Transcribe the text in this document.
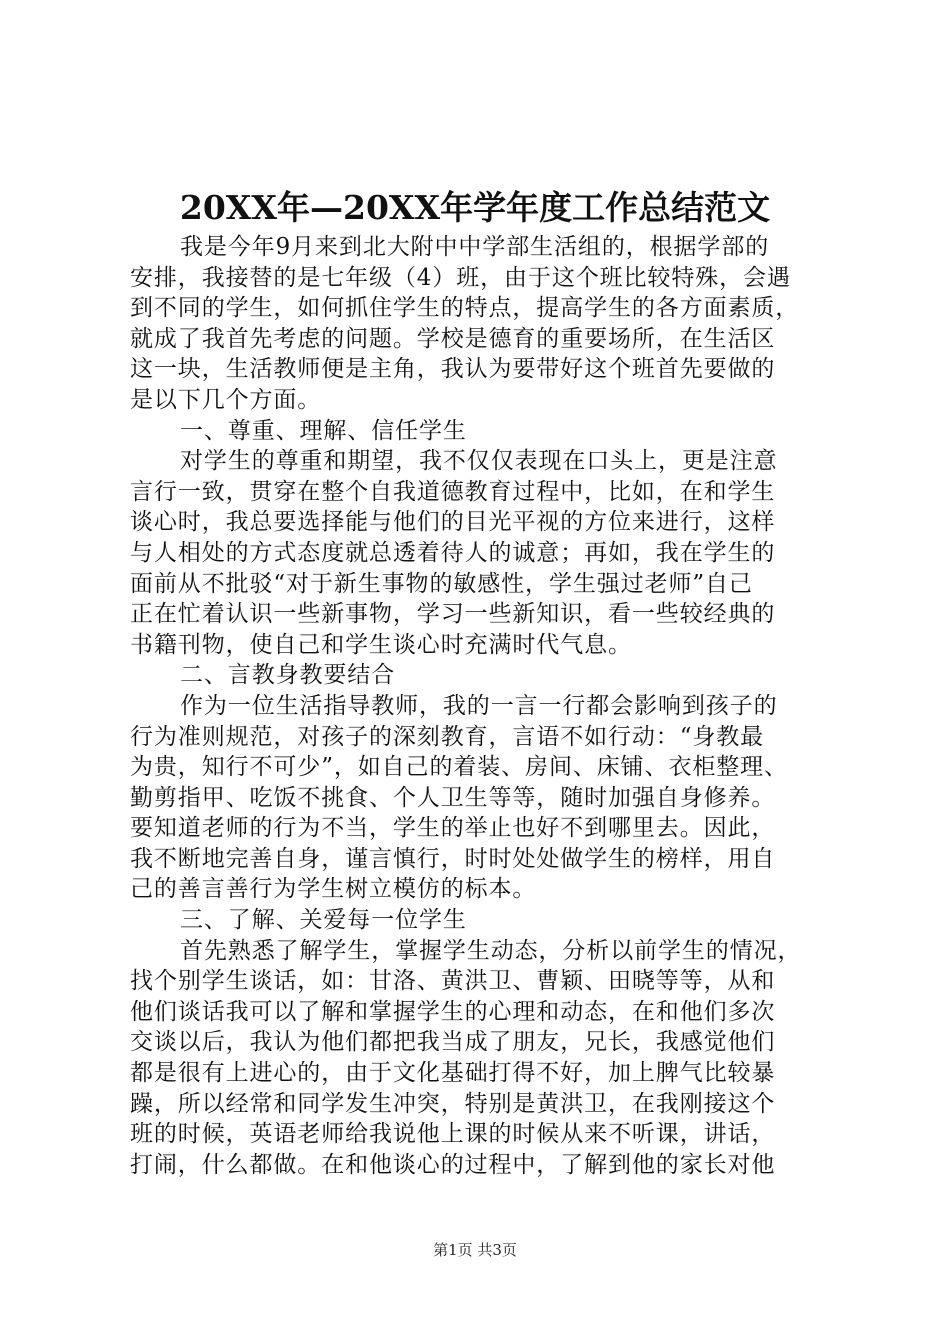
20XX年—20XX年学年度工作总结范文
我是今年9月来到北大附中中学部生活组的，根据学部的
安排，我接替的是七年级（4）班，由于这个班比较特殊，会遇
到不同的学生，如何抓住学生的特点，提高学生的各方面素质，
就成了我首先考虑的问题。学校是德育的重要场所，在生活区
这一块，生活教师便是主角，我认为要带好这个班首先要做的
是以下几个方面。
一、尊重、理解、信任学生
对学生的尊重和期望，我不仅仅表现在口头上，更是注意
言行一致，贯穿在整个自我道德教育过程中，比如，在和学生
谈心时，我总要选择能与他们的目光平视的方位来进行，这样
与人相处的方式态度就总透着待人的诚意；再如，我在学生的
面前从不批驳“对于新生事物的敏感性，学生强过老师”自己
正在忙着认识一些新事物，学习一些新知识，看一些较经典的
书籍刊物，使自己和学生谈心时充满时代气息。
二、言教身教要结合
作为一位生活指导教师，我的一言一行都会影响到孩子的
行为准则规范，对孩子的深刻教育，言语不如行动：“身教最
为贵，知行不可少”，如自己的着装、房间、床铺、衣柜整理、
勤剪指甲、吃饭不挑食、个人卫生等等，随时加强自身修养。
要知道老师的行为不当，学生的举止也好不到哪里去。因此，
我不断地完善自身，谨言慎行，时时处处做学生的榜样，用自
己的善言善行为学生树立模仿的标本。
三、了解、关爱每一位学生
首先熟悉了解学生，掌握学生动态，分析以前学生的情况，
找个别学生谈话，如：甘洛、黄洪卫、曹颖、田晓等等，从和
他们谈话我可以了解和掌握学生的心理和动态，在和他们多次
交谈以后，我认为他们都把我当成了朋友，兄长，我感觉他们
都是很有上进心的，由于文化基础打得不好，加上脾气比较暴
躁，所以经常和同学发生冲突，特别是黄洪卫，在我刚接这个
班的时候，英语老师给我说他上课的时候从来不听课，讲话，
打闹，什么都做。在和他谈心的过程中，了解到他的家长对他
第1页 共3页
